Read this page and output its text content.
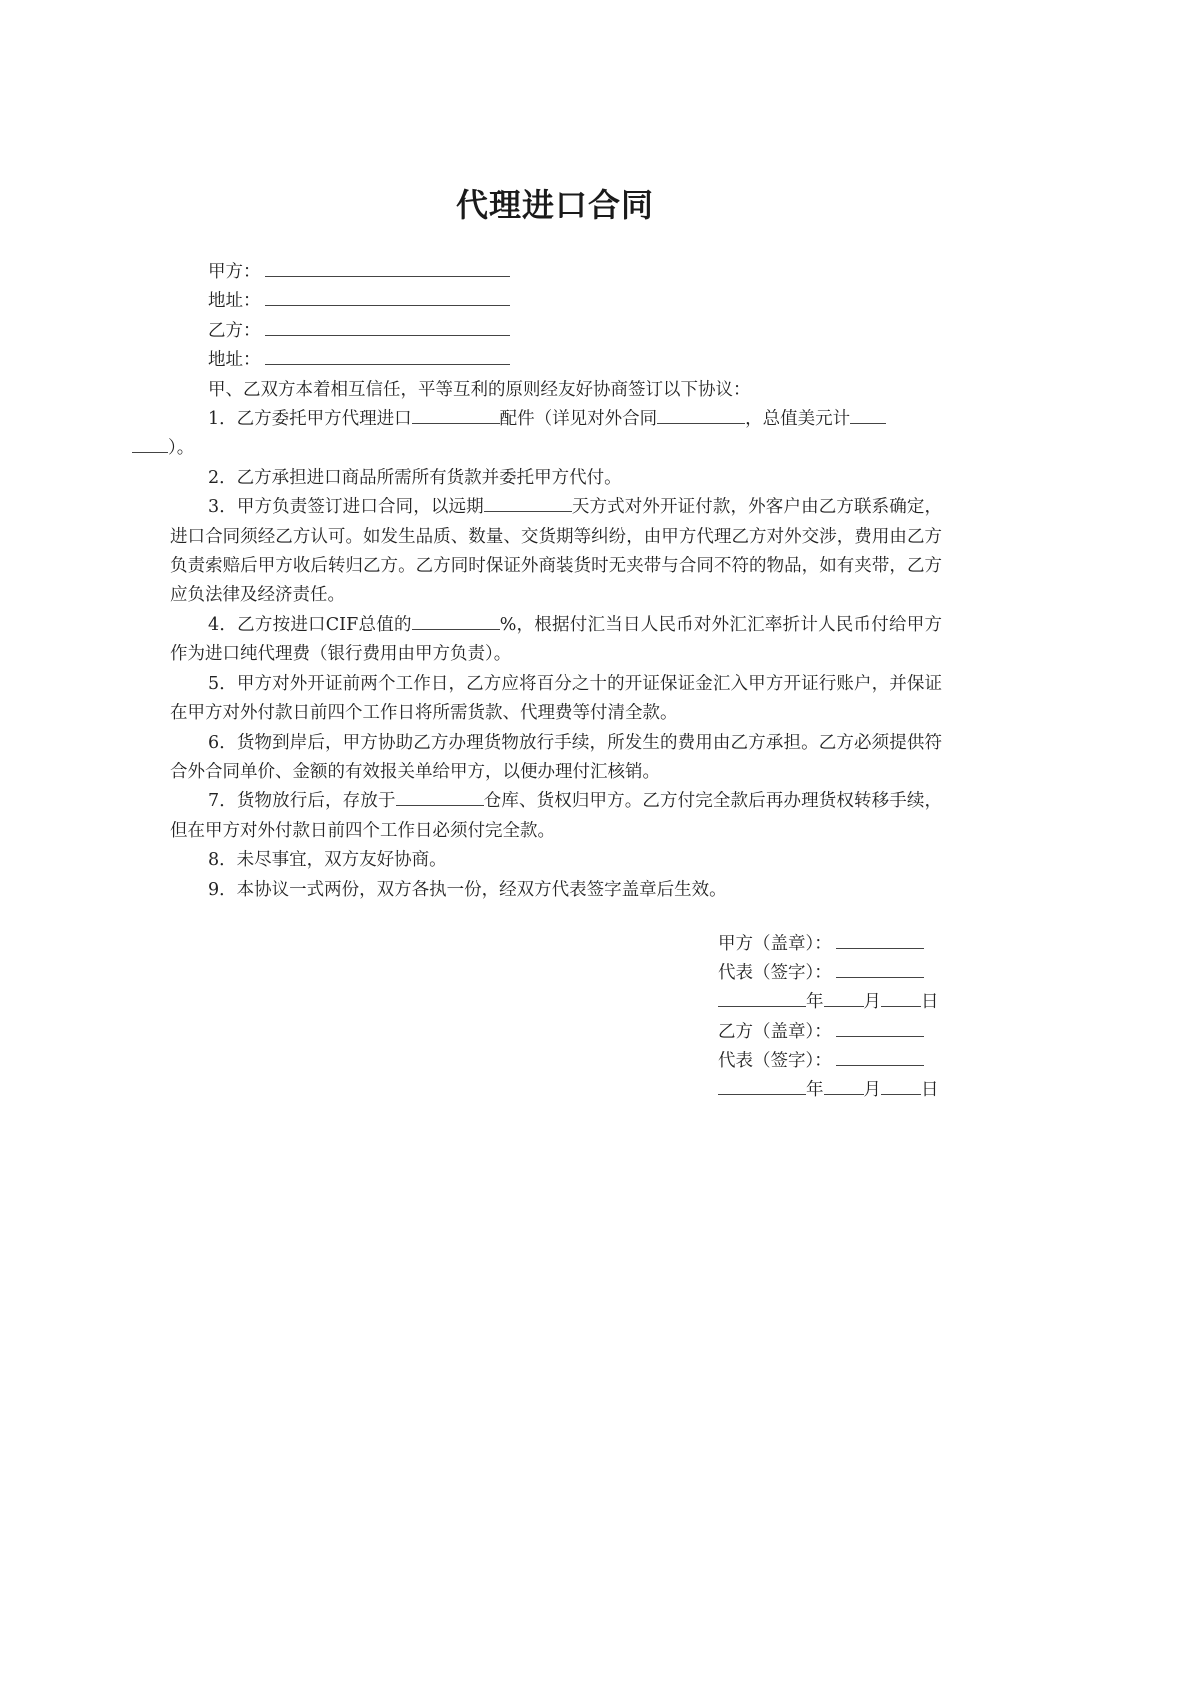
代理进口合同
甲方：
地址：
乙方：
地址：
甲、乙双方本着相互信任，平等互利的原则经友好协商签订以下协议：
1．乙方委托甲方代理进口	配件（详见对外合同	，总值美元计
）。
2．乙方承担进口商品所需所有货款并委托甲方代付。
3．甲方负责签订进口合同，以远期	天方式对外开证付款，外客户由乙方联系确定，进口合同须经乙方认可。如发生品质、数量、交货期等纠纷，由甲方代理乙方对外交涉，费用由乙方负责索赔后甲方收后转归乙方。乙方同时保证外商装货时无夹带与合同不符的物品，如有夹带，乙方应负法律及经济责任。
4．乙方按进口CIF总值的	%，根据付汇当日人民币对外汇汇率折计人民币付给甲方作为进口纯代理费（银行费用由甲方负责）。
5．甲方对外开证前两个工作日，乙方应将百分之十的开证保证金汇入甲方开证行账户，并保证在甲方对外付款日前四个工作日将所需货款、代理费等付清全款。
6．货物到岸后，甲方协助乙方办理货物放行手续，所发生的费用由乙方承担。乙方必须提供符合外合同单价、金额的有效报关单给甲方，以便办理付汇核销。
7．货物放行后，存放于	仓库、货权归甲方。乙方付完全款后再办理货权转移手续，但在甲方对外付款日前四个工作日必须付完全款。
8．未尽事宜，双方友好协商。
9．本协议一式两份，双方各执一份，经双方代表签字盖章后生效。
甲方（盖章）：
代表（签字）：
年 月 日
乙方（盖章）：
代表（签字）：
年 月 日
